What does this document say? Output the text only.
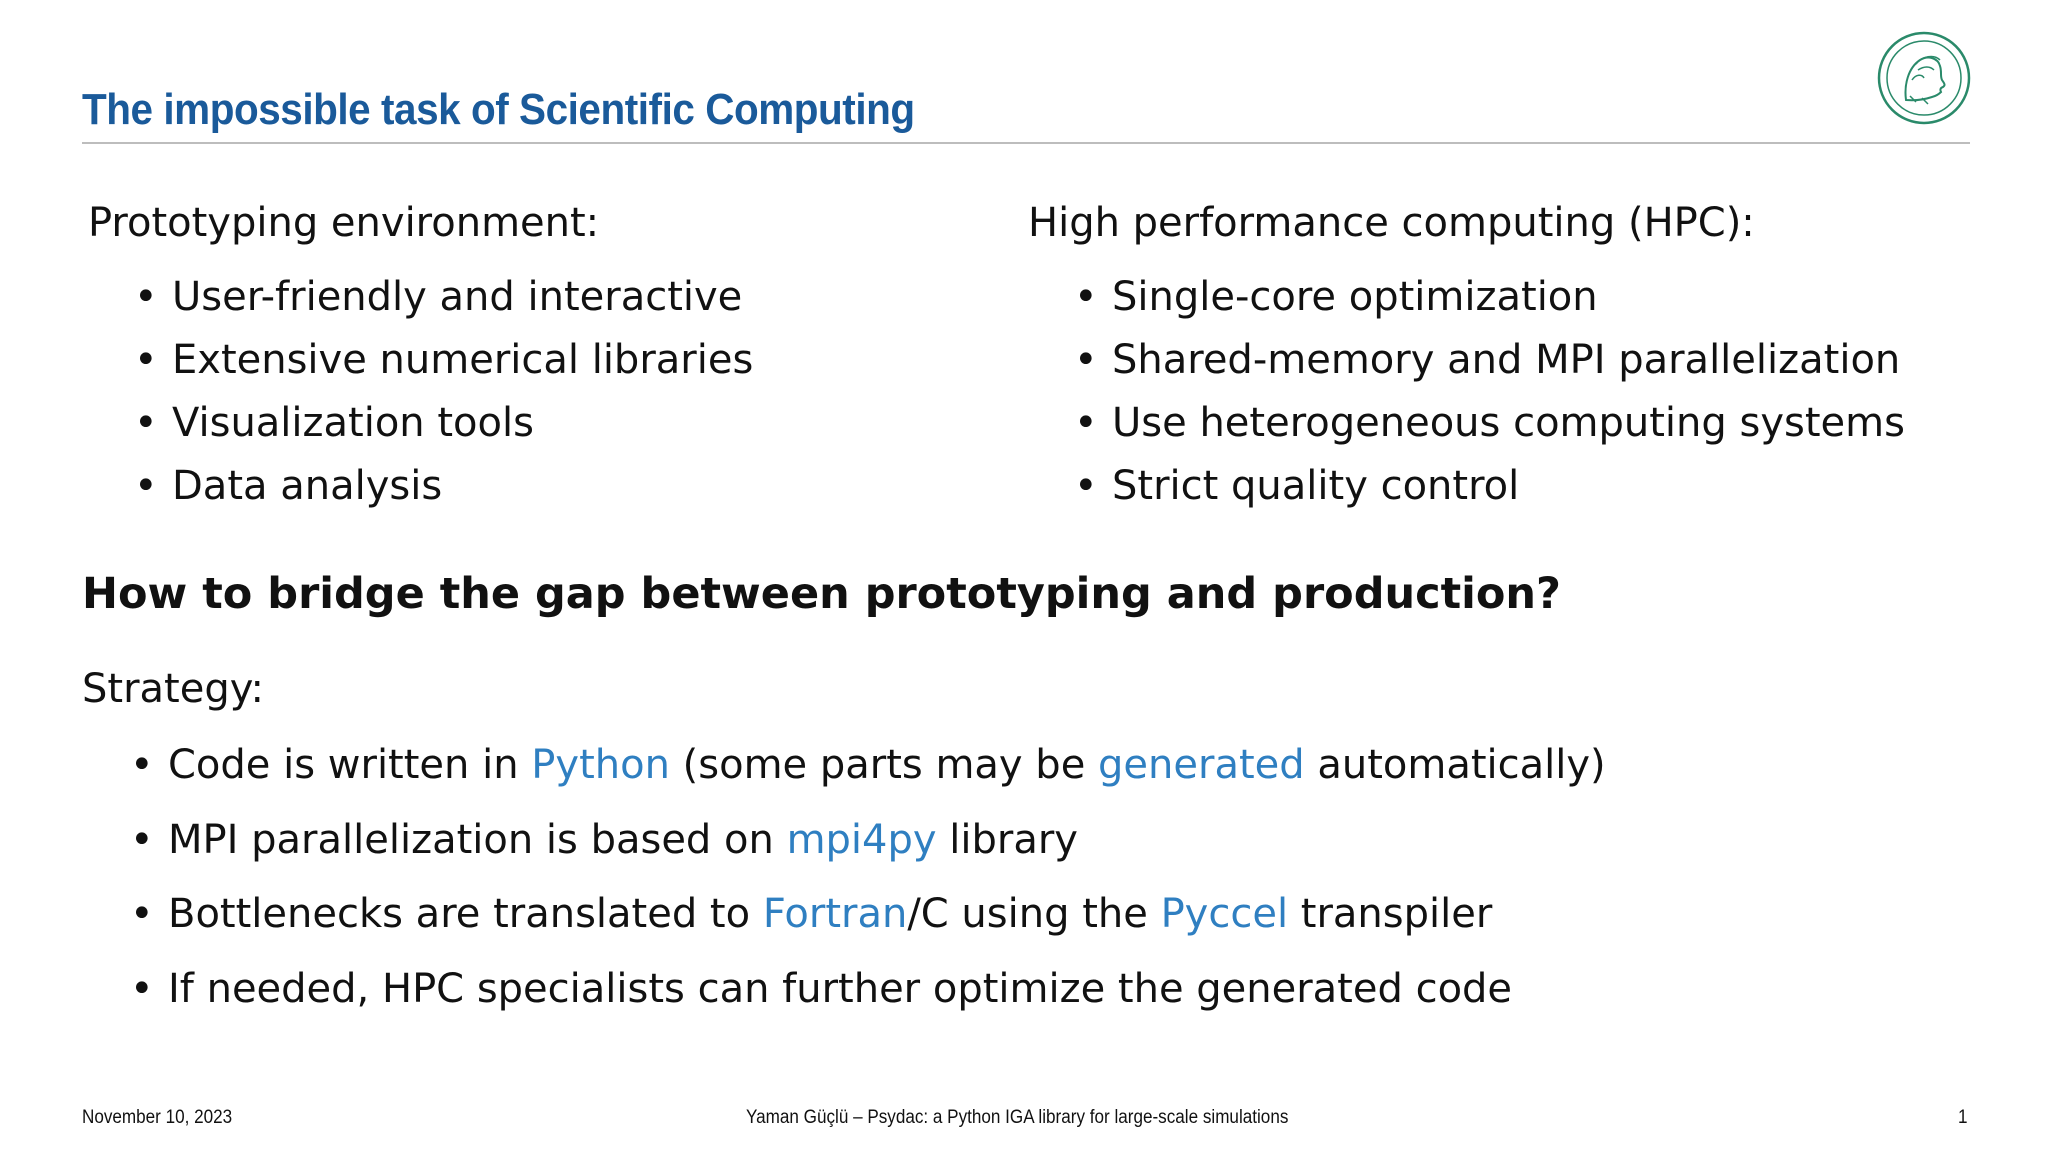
The impossible task of Scientific Computing
Prototyping environment:
• User-friendly and interactive
• Extensive numerical libraries
• Visualization tools
• Data analysis
High performance computing (HPC):
• Single-core optimization
• Shared-memory and MPI parallelization
• Use heterogeneous computing systems
• Strict quality control
How to bridge the gap between prototyping and production?
Strategy:
• Code is written in Python (some parts may be generated automatically)
• MPI parallelization is based on mpi4py library
• Bottlenecks are translated to Fortran/C using the Pyccel transpiler
• If needed, HPC specialists can further optimize the generated code
November 10, 2023	Yaman Güçlü – Psydac: a Python IGA library for large-scale simulations	1
